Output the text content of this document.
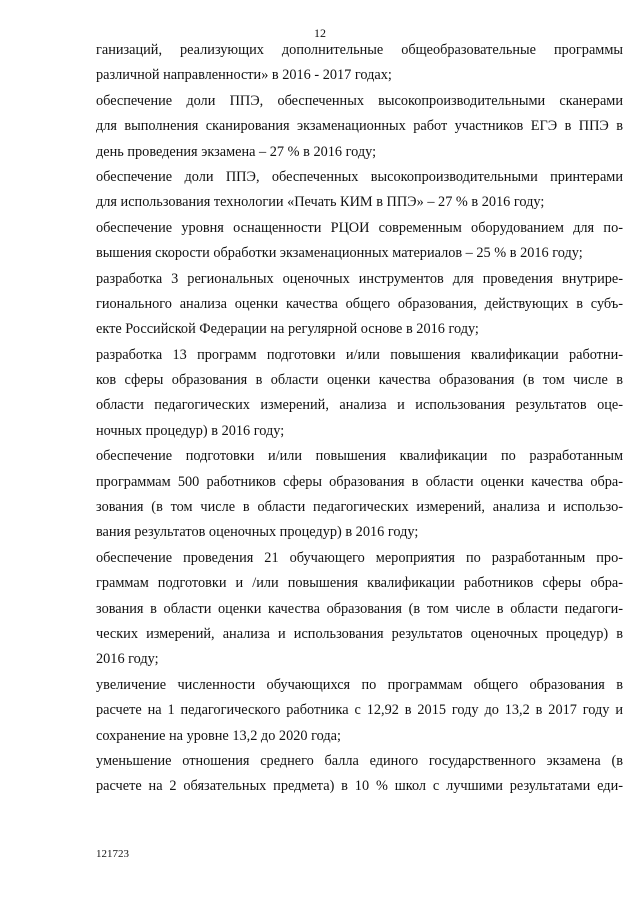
12

ганизаций, реализующих дополнительные общеобразовательные программы
различной направленности» в 2016 - 2017 годах;

обеспечение доли ППЭ, обеспеченных высокопроизводительными сканерами
для выполнения сканирования экзаменационных работ участников ЕГЭ в ППЭ в
день проведения экзамена – 27 % в 2016 году;

обеспечение доли ППЭ, обеспеченных высокопроизводительными принтерами
для использования технологии «Печать КИМ в ППЭ» – 27 % в 2016 году;

обеспечение уровня оснащенности РЦОИ современным оборудованием для по-
вышения скорости обработки экзаменационных материалов – 25 % в 2016 году;

разработка 3 региональных оценочных инструментов для проведения внутрире-
гионального анализа оценки качества общего образования, действующих в субъ-
екте Российской Федерации на регулярной основе в 2016 году;

разработка 13 программ подготовки и/или повышения квалификации работни-
ков сферы образования в области оценки качества образования (в том числе в
области педагогических измерений, анализа и использования результатов оце-
ночных процедур) в 2016 году;

обеспечение подготовки и/или повышения квалификации по разработанным
программам 500 работников сферы образования в области оценки качества обра-
зования (в том числе в области педагогических измерений, анализа и использо-
вания результатов оценочных процедур) в 2016 году;

обеспечение проведения 21 обучающего мероприятия по разработанным про-
граммам подготовки и /или повышения квалификации работников сферы обра-
зования в области оценки качества образования (в том числе в области педагоги-
ческих измерений, анализа и использования результатов оценочных процедур) в
2016 году;

увеличение численности обучающихся по программам общего образования в
расчете на 1 педагогического работника с 12,92 в 2015 году до 13,2 в 2017 году и
сохранение на уровне 13,2 до 2020 года;

уменьшение отношения среднего балла единого государственного экзамена (в
расчете на 2 обязательных предмета) в 10 % школ с лучшими результатами еди-

121723
